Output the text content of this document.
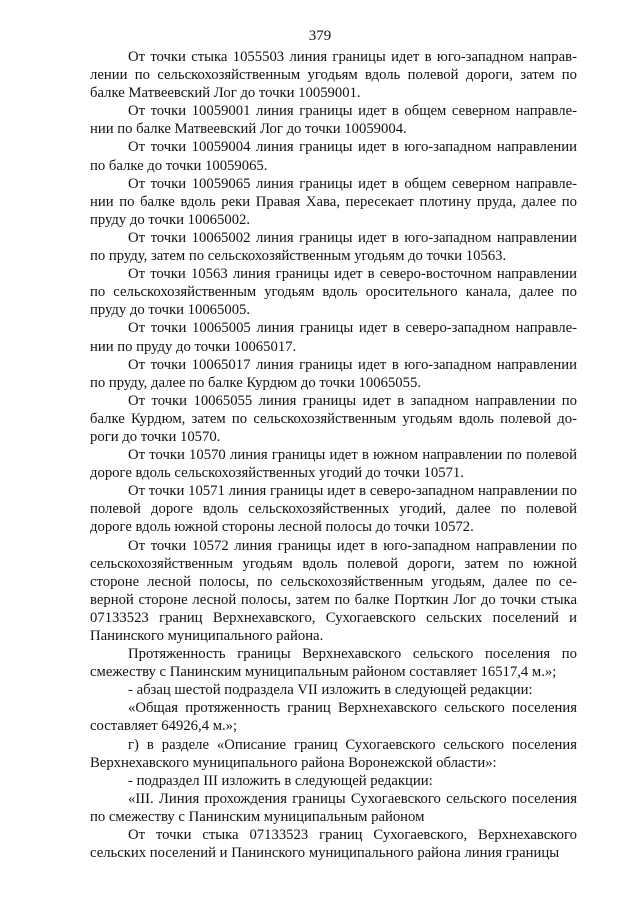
379

От точки стыка 1055503 линия границы идет в юго-западном направлении по сельскохозяйственным угодьям вдоль полевой дороги, затем по балке Матвеевский Лог до точки 10059001.

От точки 10059001 линия границы идет в общем северном направлении по балке Матвеевский Лог до точки 10059004.

От точки 10059004 линия границы идет в юго-западном направлении по балке до точки 10059065.

От точки 10059065 линия границы идет в общем северном направлении по балке вдоль реки Правая Хава, пересекает плотину пруда, далее по пруду до точки 10065002.

От точки 10065002 линия границы идет в юго-западном направлении по пруду, затем по сельскохозяйственным угодьям до точки 10563.

От точки 10563 линия границы идет в северо-восточном направлении по сельскохозяйственным угодьям вдоль оросительного канала, далее по пруду до точки 10065005.

От точки 10065005 линия границы идет в северо-западном направлении по пруду до точки 10065017.

От точки 10065017 линия границы идет в юго-западном направлении по пруду, далее по балке Курдюм до точки 10065055.

От точки 10065055 линия границы идет в западном направлении по балке Курдюм, затем по сельскохозяйственным угодьям вдоль полевой дороги до точки 10570.

От точки 10570 линия границы идет в южном направлении по полевой дороге вдоль сельскохозяйственных угодий до точки 10571.

От точки 10571 линия границы идет в северо-западном направлении по полевой дороге вдоль сельскохозяйственных угодий, далее по полевой дороге вдоль южной стороны лесной полосы до точки 10572.

От точки 10572 линия границы идет в юго-западном направлении по сельскохозяйственным угодьям вдоль полевой дороги, затем по южной стороне лесной полосы, по сельскохозяйственным угодьям, далее по северной стороне лесной полосы, затем по балке Порткин Лог до точки стыка 07133523 границ Верхнехавского, Сухогаевского сельских поселений и Панинского муниципального района.

Протяженность границы Верхнехавского сельского поселения по смежеству с Панинским муниципальным районом составляет 16517,4 м.»;

- абзац шестой подраздела VII изложить в следующей редакции:

«Общая протяженность границ Верхнехавского сельского поселения составляет 64926,4 м.»;

г) в разделе «Описание границ Сухогаевского сельского поселения Верхнехавского муниципального района Воронежской области»:

- подраздел III изложить в следующей редакции:

«III. Линия прохождения границы Сухогаевского сельского поселения по смежеству с Панинским муниципальным районом

От точки стыка 07133523 границ Сухогаевского, Верхнехавского сельских поселений и Панинского муниципального района линия границы
